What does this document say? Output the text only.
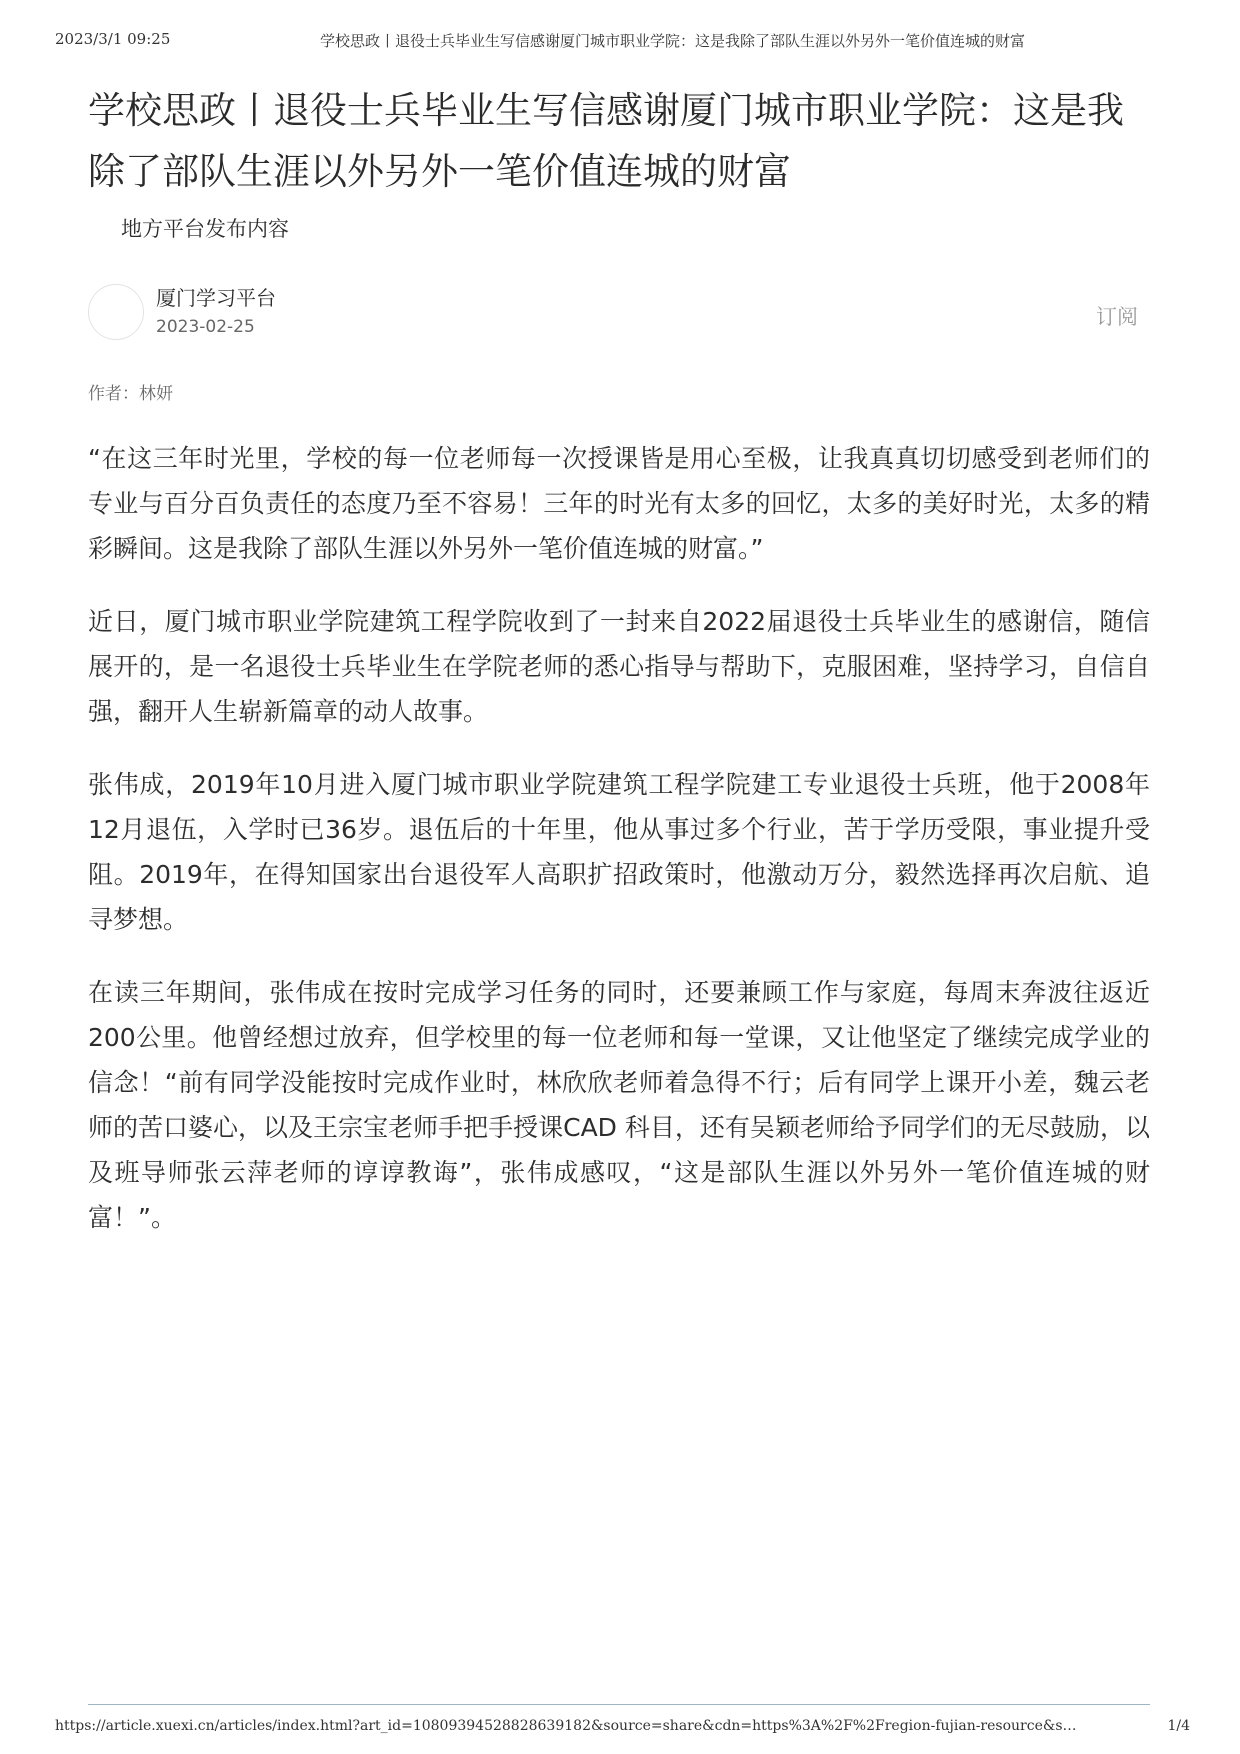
2023/3/1 09:25	学校思政丨退役士兵毕业生写信感谢厦门城市职业学院：这是我除了部队生涯以外另外一笔价值连城的财富
学校思政丨退役士兵毕业生写信感谢厦门城市职业学院：这是我除了部队生涯以外另外一笔价值连城的财富
地方平台发布内容
厦门学习平台
2023-02-25	订阅
作者：林妍

“在这三年时光里，学校的每一位老师每一次授课皆是用心至极，让我真真切切感受到老师们的专业与百分百负责任的态度乃至不容易！三年的时光有太多的回忆，太多的美好时光，太多的精彩瞬间。这是我除了部队生涯以外另外一笔价值连城的财富。”

近日，厦门城市职业学院建筑工程学院收到了一封来自2022届退役士兵毕业生的感谢信，随信展开的，是一名退役士兵毕业生在学院老师的悉心指导与帮助下，克服困难，坚持学习，自信自强，翻开人生崭新篇章的动人故事。

张伟成，2019年10月进入厦门城市职业学院建筑工程学院建工专业退役士兵班，他于2008年12月退伍，入学时已36岁。退伍后的十年里，他从事过多个行业，苦于学历受限，事业提升受阻。2019年，在得知国家出台退役军人高职扩招政策时，他激动万分，毅然选择再次启航、追寻梦想。

在读三年期间，张伟成在按时完成学习任务的同时，还要兼顾工作与家庭，每周末奔波往返近200公里。他曾经想过放弃，但学校里的每一位老师和每一堂课，又让他坚定了继续完成学业的信念！“前有同学没能按时完成作业时，林欣欣老师着急得不行；后有同学上课开小差，魏云老师的苦口婆心，以及王宗宝老师手把手授课CAD 科目，还有吴颖老师给予同学们的无尽鼓励，以及班导师张云萍老师的谆谆教诲”，张伟成感叹，“这是部队生涯以外另外一笔价值连城的财富！”。

https://article.xuexi.cn/articles/index.html?art_id=10809394528828639182&source=share&cdn=https%3A%2F%2Fregion-fujian-resource&s…	1/4
